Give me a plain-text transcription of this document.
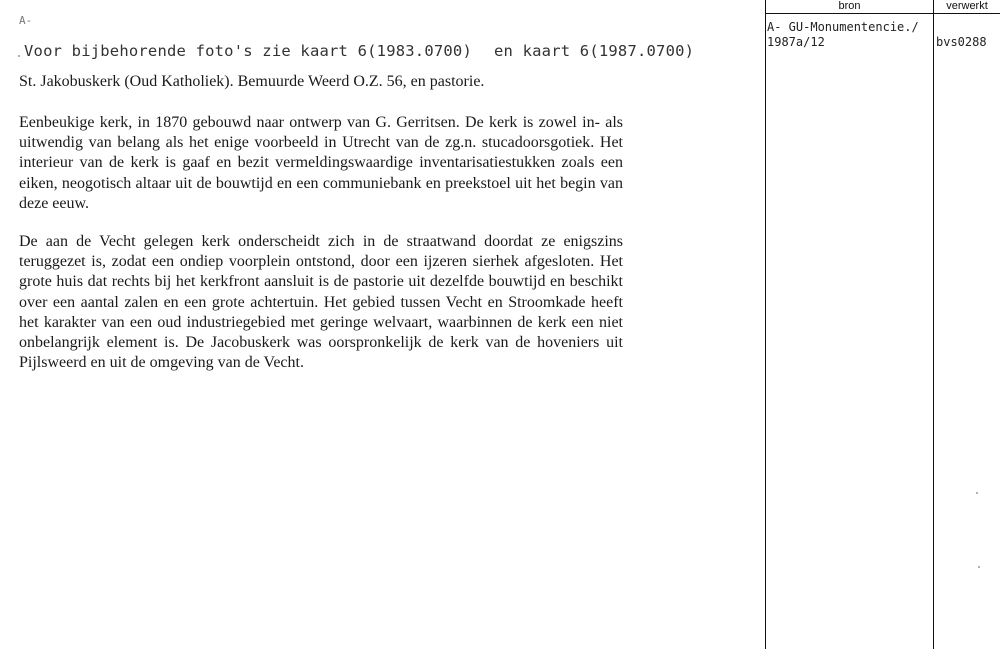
A-
Voor bijbehorende foto's zie kaart 6(1983.0700) en kaart 6(1987.0700)
St. Jakobuskerk (Oud Katholiek). Bemuurde Weerd O.Z. 56, en pastorie.

Eenbeukige kerk, in 1870 gebouwd naar ontwerp van G. Gerritsen. De kerk is zowel in- als uitwendig van belang als het enige voorbeeld in Utrecht van de zg.n. stucadoorsgotiek. Het interieur van de kerk is gaaf en bezit vermeldingswaardige inventarisatiestukken zoals een eiken, neogotisch altaar uit de bouwtijd en een communiebank en preekstoel uit het begin van deze eeuw.

De aan de Vecht gelegen kerk onderscheidt zich in de straatwand doordat ze enigszins teruggezet is, zodat een ondiep voorplein ontstond, door een ijzeren sierhek afgesloten. Het grote huis dat rechts bij het kerkfront aansluit is de pastorie uit dezelfde bouwtijd en beschikt over een aantal zalen en een grote achtertuin. Het gebied tussen Vecht en Stroomkade heeft het karakter van een oud industriegebied met geringe welvaart, waarbinnen de kerk een niet onbelangrijk element is. De Jacobuskerk was oorspronkelijk de kerk van de hoveniers uit Pijlsweerd en uit de omgeving van de Vecht.

bron	verwerkt
A- GU-Monumentencie./
1987a/12	bvs0288
